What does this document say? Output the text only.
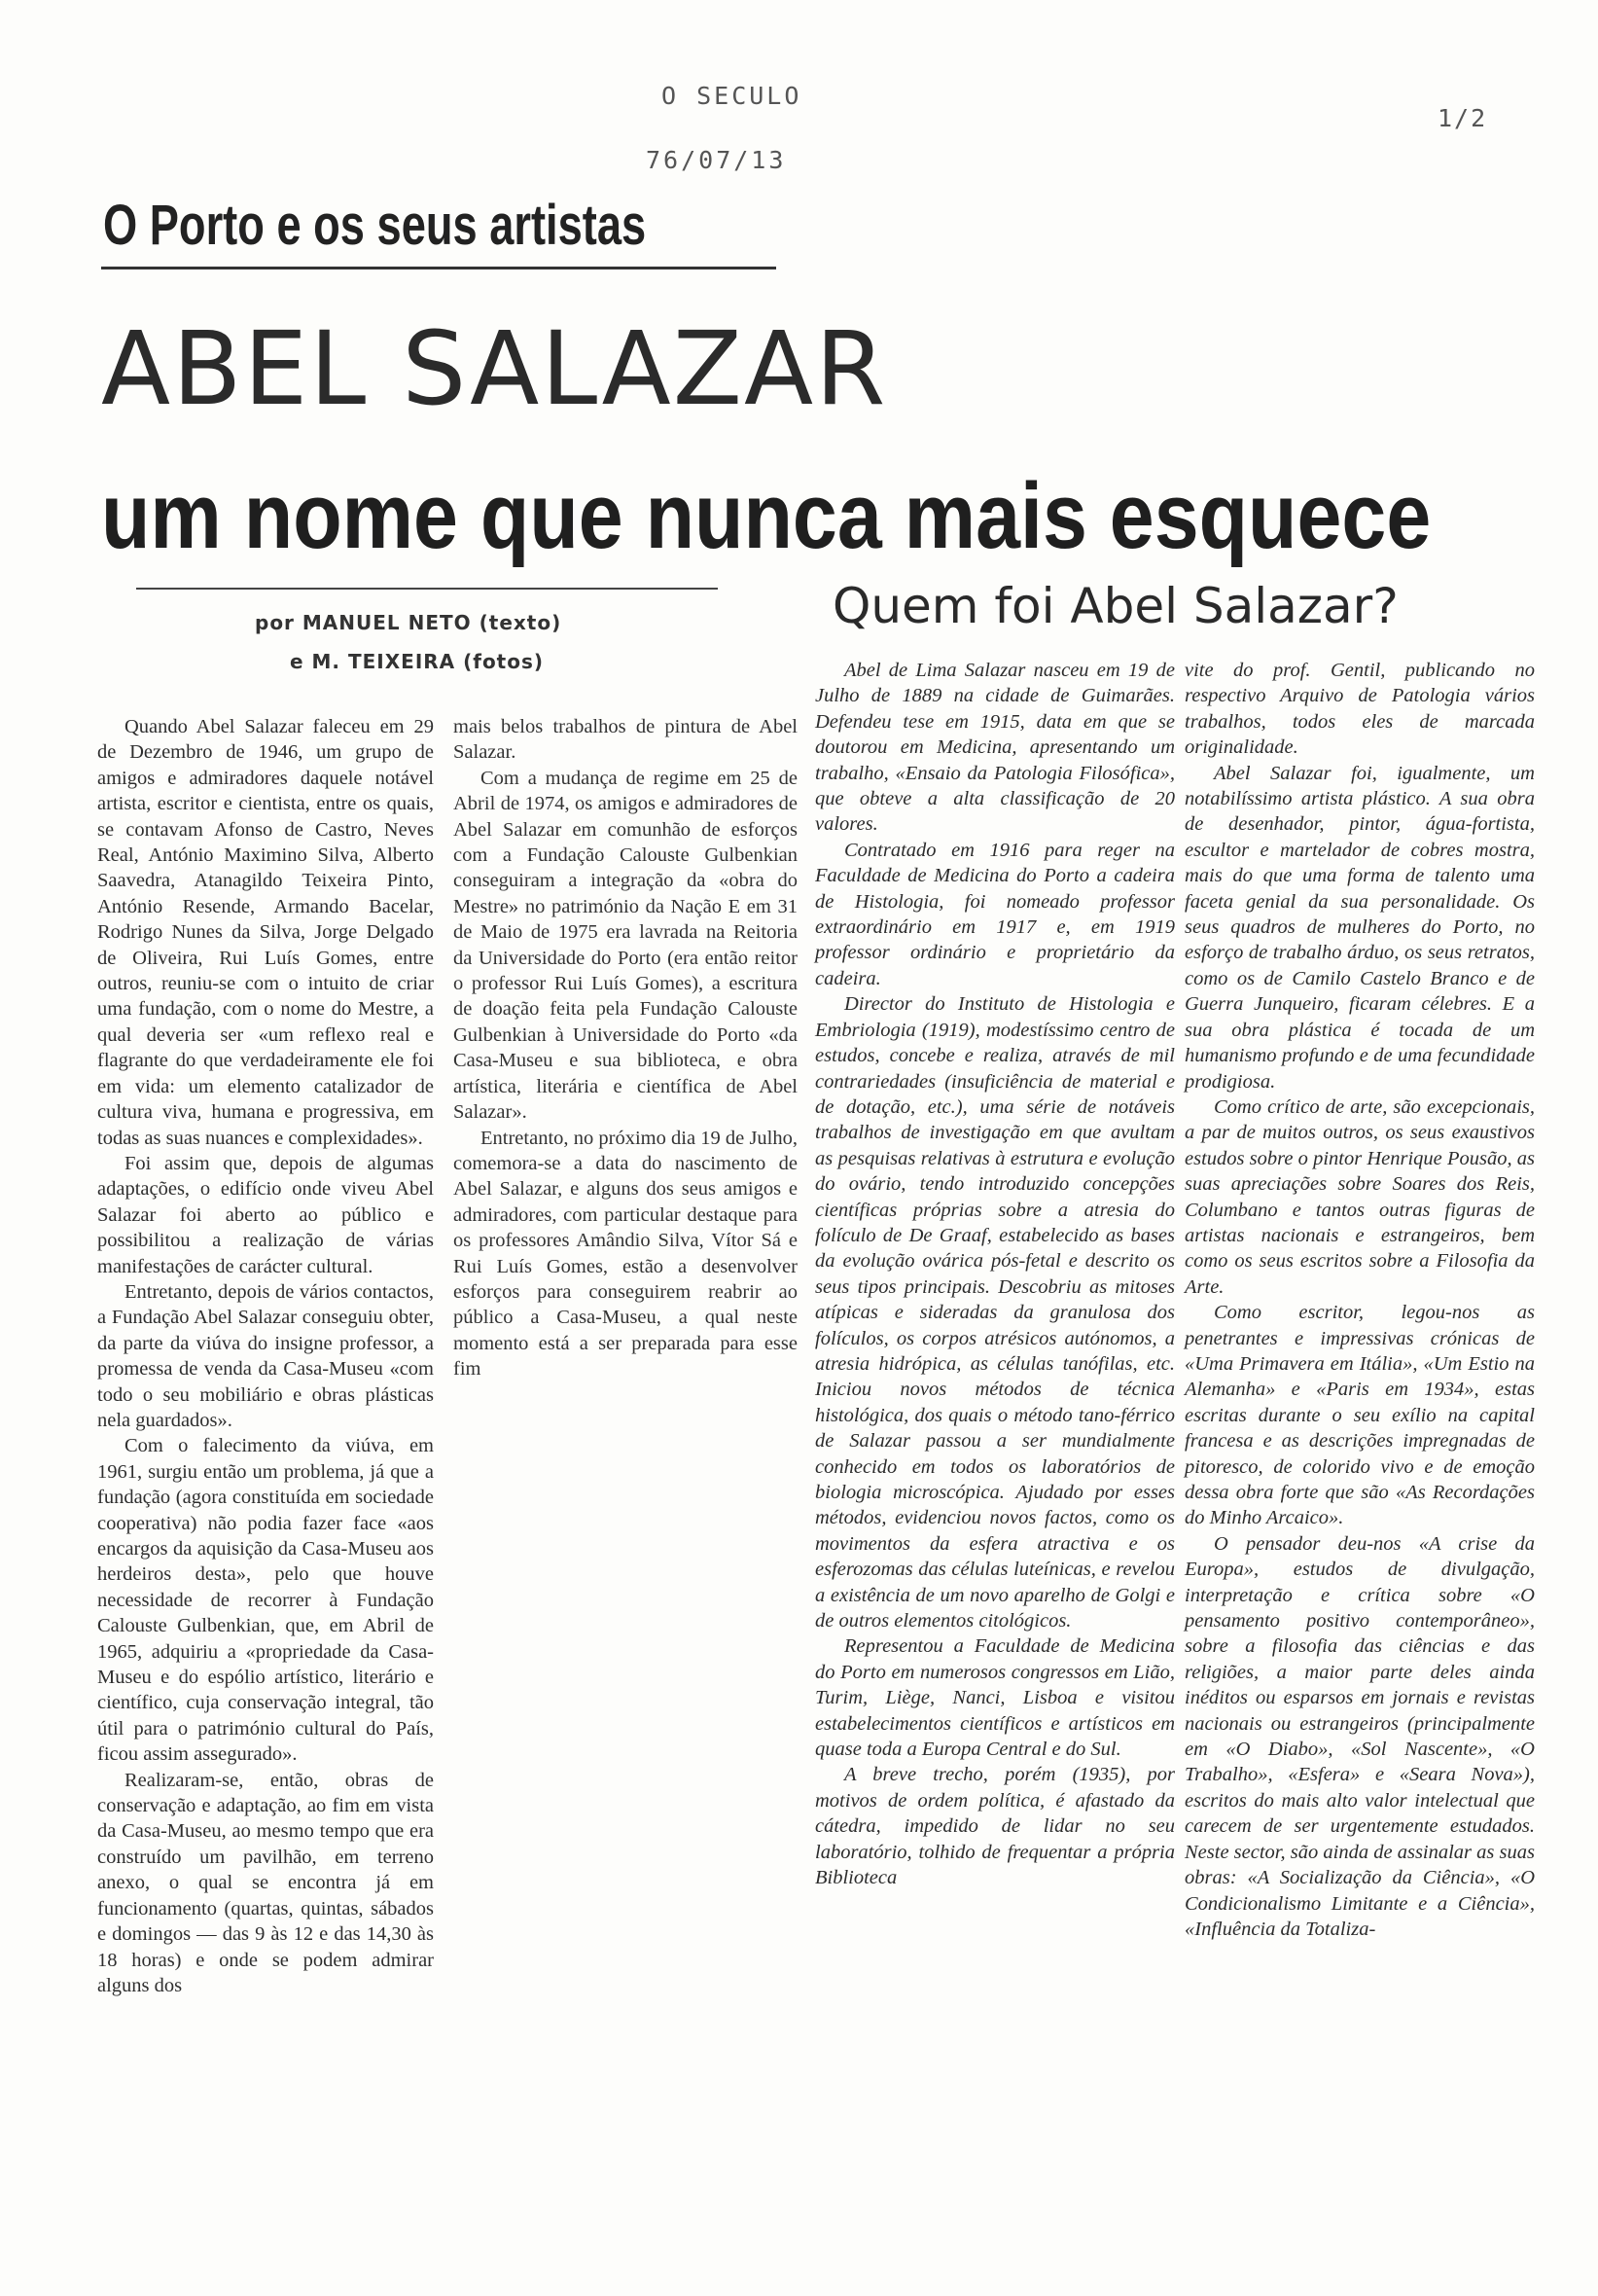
O SECULO
76/07/13
1/2
O Porto e os seus artistas
ABEL SALAZAR
um nome que nunca mais esquece
por MANUEL NETO (texto)
e M. TEIXEIRA (fotos)
Quem foi Abel Salazar?

Quando Abel Salazar faleceu em 29 de Dezembro de 1946, um grupo de amigos e admiradores daquele notável artista, escritor e cientista, entre os quais, se contavam Afonso de Castro, Neves Real, António Maximino Silva, Alberto Saavedra, Atanagildo Teixeira Pinto, António Resende, Armando Bacelar, Rodrigo Nunes da Silva, Jorge Delgado de Oliveira, Rui Luís Gomes, entre outros, reuniu-se com o intuito de criar uma fundação, com o nome do Mestre, a qual deveria ser «um reflexo real e flagrante do que verdadeiramente ele foi em vida: um elemento catalizador de cultura viva, humana e progressiva, em todas as suas nuances e complexidades».

Foi assim que, depois de algumas adaptações, o edifício onde viveu Abel Salazar foi aberto ao público e possibilitou a realização de várias manifestações de carácter cultural.

Entretanto, depois de vários contactos, a Fundação Abel Salazar conseguiu obter, da parte da viúva do insigne professor, a promessa de venda da Casa-Museu «com todo o seu mobiliário e obras plásticas nela guardados».

Com o falecimento da viúva, em 1961, surgiu então um problema, já que a fundação (agora constituída em sociedade cooperativa) não podia fazer face «aos encargos da aquisição da Casa-Museu aos herdeiros desta», pelo que houve necessidade de recorrer à Fundação Calouste Gulbenkian, que, em Abril de 1965, adquiriu a «propriedade da Casa-Museu e do espólio artístico, literário e científico, cuja conservação integral, tão útil para o património cultural do País, ficou assim assegurado».

Realizaram-se, então, obras de conservação e adaptação, ao fim em vista da Casa-Museu, ao mesmo tempo que era construído um pavilhão, em terreno anexo, o qual se encontra já em funcionamento (quartas, quintas, sábados e domingos — das 9 às 12 e das 14,30 às 18 horas) e onde se podem admirar alguns dos

mais belos trabalhos de pintura de Abel Salazar.

Com a mudança de regime em 25 de Abril de 1974, os amigos e admiradores de Abel Salazar em comunhão de esforços com a Fundação Calouste Gulbenkian conseguiram a integração da «obra do Mestre» no património da Nação E em 31 de Maio de 1975 era lavrada na Reitoria da Universidade do Porto (era então reitor o professor Rui Luís Gomes), a escritura de doação feita pela Fundação Calouste Gulbenkian à Universidade do Porto «da Casa-Museu e sua biblioteca, e obra artística, literária e científica de Abel Salazar».

Entretanto, no próximo dia 19 de Julho, comemora-se a data do nascimento de Abel Salazar, e alguns dos seus amigos e admiradores, com particular destaque para os professores Amândio Silva, Vítor Sá e Rui Luís Gomes, estão a desenvolver esforços para conseguirem reabrir ao público a Casa-Museu, a qual neste momento está a ser preparada para esse fim

Abel de Lima Salazar nasceu em 19 de Julho de 1889 na cidade de Guimarães. Defendeu tese em 1915, data em que se doutorou em Medicina, apresentando um trabalho, «Ensaio da Patologia Filosófica», que obteve a alta classificação de 20 valores.

Contratado em 1916 para reger na Faculdade de Medicina do Porto a cadeira de Histologia, foi nomeado professor extraordinário em 1917 e, em 1919 professor ordinário e proprietário da cadeira.

Director do Instituto de Histologia e Embriologia (1919), modestíssimo centro de estudos, concebe e realiza, através de mil contrariedades (insuficiência de material e de dotação, etc.), uma série de notáveis trabalhos de investigação em que avultam as pesquisas relativas à estrutura e evolução do ovário, tendo introduzido concepções científicas próprias sobre a atresia do folículo de De Graaf, estabelecido as bases da evolução ovárica pós-fetal e descrito os seus tipos principais. Descobriu as mitoses atípicas e sideradas da granulosa dos folículos, os corpos atrésicos autónomos, a atresia hidrópica, as células tanófilas, etc. Iniciou novos métodos de técnica histológica, dos quais o método tano-férrico de Salazar passou a ser mundialmente conhecido em todos os laboratórios de biologia microscópica. Ajudado por esses métodos, evidenciou novos factos, como os movimentos da esfera atractiva e os esferozomas das células luteínicas, e revelou a existência de um novo aparelho de Golgi e de outros elementos citológicos.

Representou a Faculdade de Medicina do Porto em numerosos congressos em Lião, Turim, Liège, Nanci, Lisboa e visitou estabelecimentos científicos e artísticos em quase toda a Europa Central e do Sul.

A breve trecho, porém (1935), por motivos de ordem política, é afastado da cátedra, impedido de lidar no seu laboratório, tolhido de frequentar a própria Biblioteca

vite do prof. Gentil, publicando no respectivo Arquivo de Patologia vários trabalhos, todos eles de marcada originalidade.

Abel Salazar foi, igualmente, um notabilíssimo artista plástico. A sua obra de desenhador, pintor, água-fortista, escultor e martelador de cobres mostra, mais do que uma forma de talento uma faceta genial da sua personalidade. Os seus quadros de mulheres do Porto, no esforço de trabalho árduo, os seus retratos, como os de Camilo Castelo Branco e de Guerra Junqueiro, ficaram célebres. E a sua obra plástica é tocada de um humanismo profundo e de uma fecundidade prodigiosa.

Como crítico de arte, são excepcionais, a par de muitos outros, os seus exaustivos estudos sobre o pintor Henrique Pousão, as suas apreciações sobre Soares dos Reis, Columbano e tantos outras figuras de artistas nacionais e estrangeiros, bem como os seus escritos sobre a Filosofia da Arte.

Como escritor, legou-nos as penetrantes e impressivas crónicas de «Uma Primavera em Itália», «Um Estio na Alemanha» e «Paris em 1934», estas escritas durante o seu exílio na capital francesa e as descrições impregnadas de pitoresco, de colorido vivo e de emoção dessa obra forte que são «As Recordações do Minho Arcaico».

O pensador deu-nos «A crise da Europa», estudos de divulgação, interpretação e crítica sobre «O pensamento positivo contemporâneo», sobre a filosofia das ciências e das religiões, a maior parte deles ainda inéditos ou esparsos em jornais e revistas nacionais ou estrangeiros (principalmente em «O Diabo», «Sol Nascente», «O Trabalho», «Esfera» e «Seara Nova»), escritos do mais alto valor intelectual que carecem de ser urgentemente estudados. Neste sector, são ainda de assinalar as suas obras: «A Socialização da Ciência», «O Condicionalismo Limitante e a Ciência», «Influência da Totaliza-
